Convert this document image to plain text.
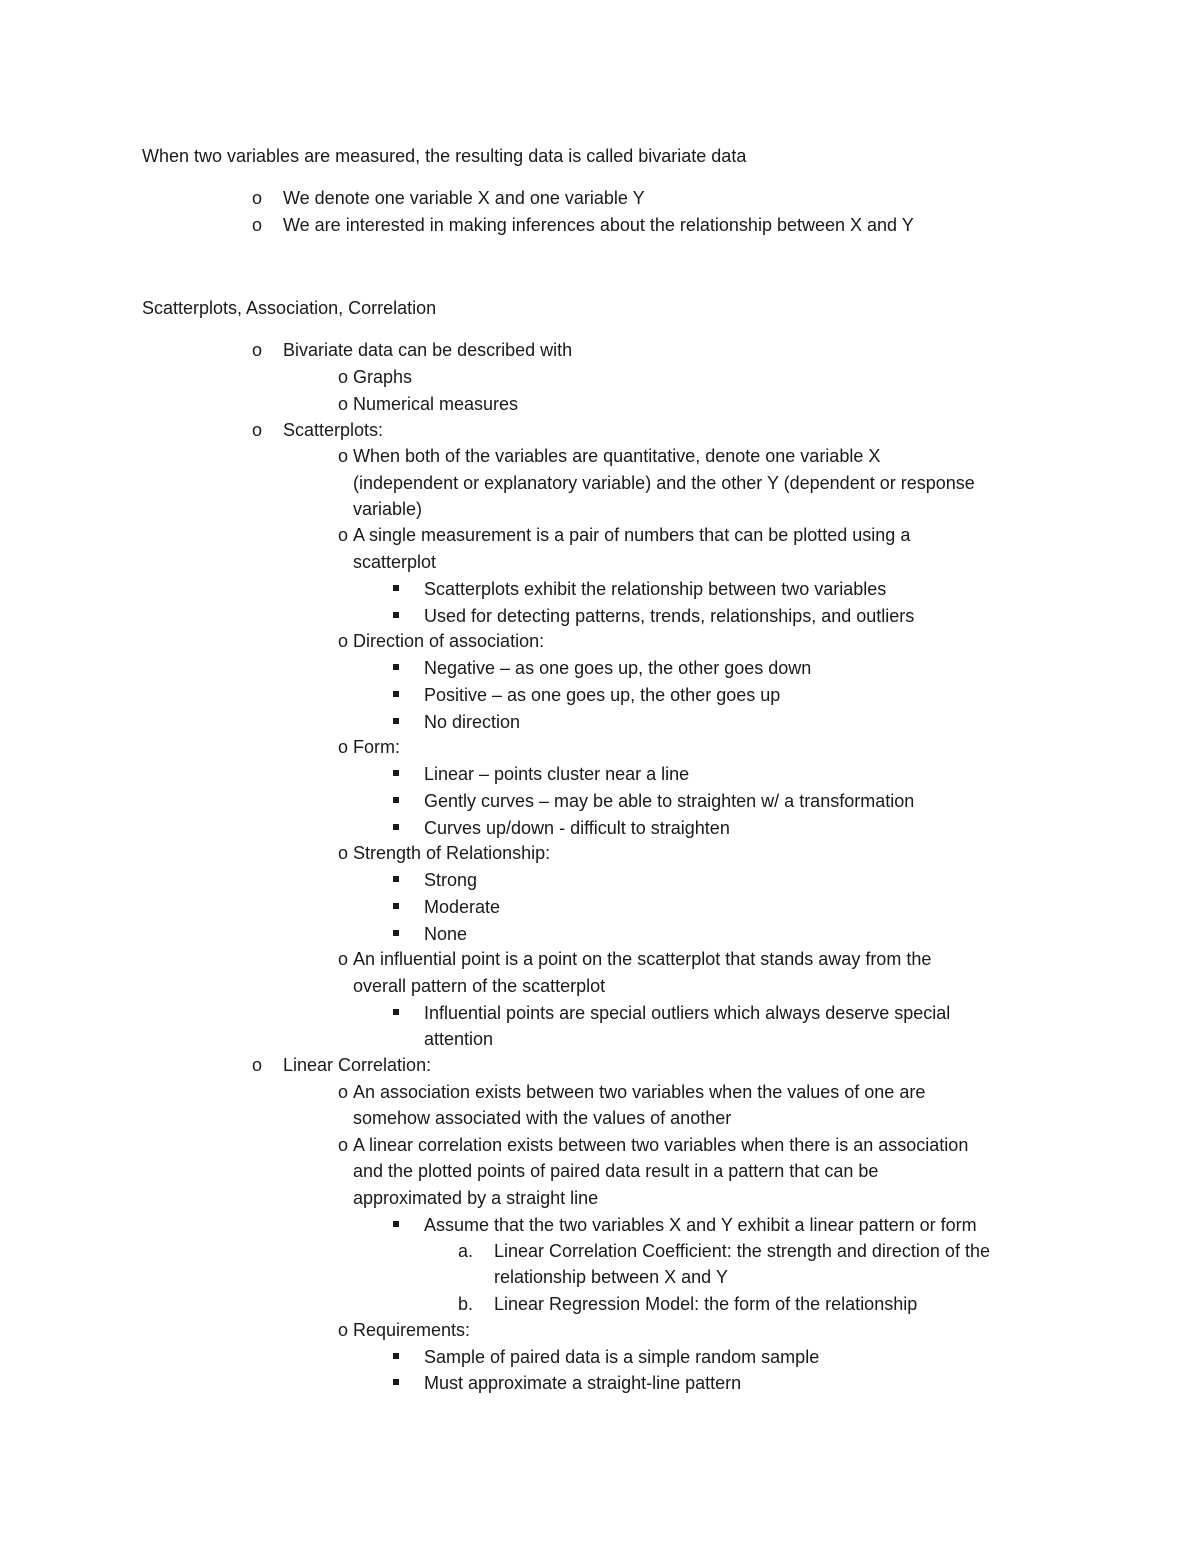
When two variables are measured, the resulting data is called bivariate data
o We denote one variable X and one variable Y
o We are interested in making inferences about the relationship between X and Y
Scatterplots, Association, Correlation
o Bivariate data can be described with
o Graphs
o Numerical measures
o Scatterplots:
o When both of the variables are quantitative, denote one variable X
(independent or explanatory variable) and the other Y (dependent or response
variable)
o A single measurement is a pair of numbers that can be plotted using a
scatterplot
Scatterplots exhibit the relationship between two variables
Used for detecting patterns, trends, relationships, and outliers
o Direction of association:
Negative – as one goes up, the other goes down
Positive – as one goes up, the other goes up
No direction
o Form:
Linear – points cluster near a line
Gently curves – may be able to straighten w/ a transformation
Curves up/down - difficult to straighten
o Strength of Relationship:
Strong
Moderate
None
o An influential point is a point on the scatterplot that stands away from the
overall pattern of the scatterplot
Influential points are special outliers which always deserve special
attention
o Linear Correlation:
o An association exists between two variables when the values of one are
somehow associated with the values of another
o A linear correlation exists between two variables when there is an association
and the plotted points of paired data result in a pattern that can be
approximated by a straight line
Assume that the two variables X and Y exhibit a linear pattern or form
a. Linear Correlation Coefficient: the strength and direction of the
relationship between X and Y
b. Linear Regression Model: the form of the relationship
o Requirements:
Sample of paired data is a simple random sample
Must approximate a straight-line pattern
